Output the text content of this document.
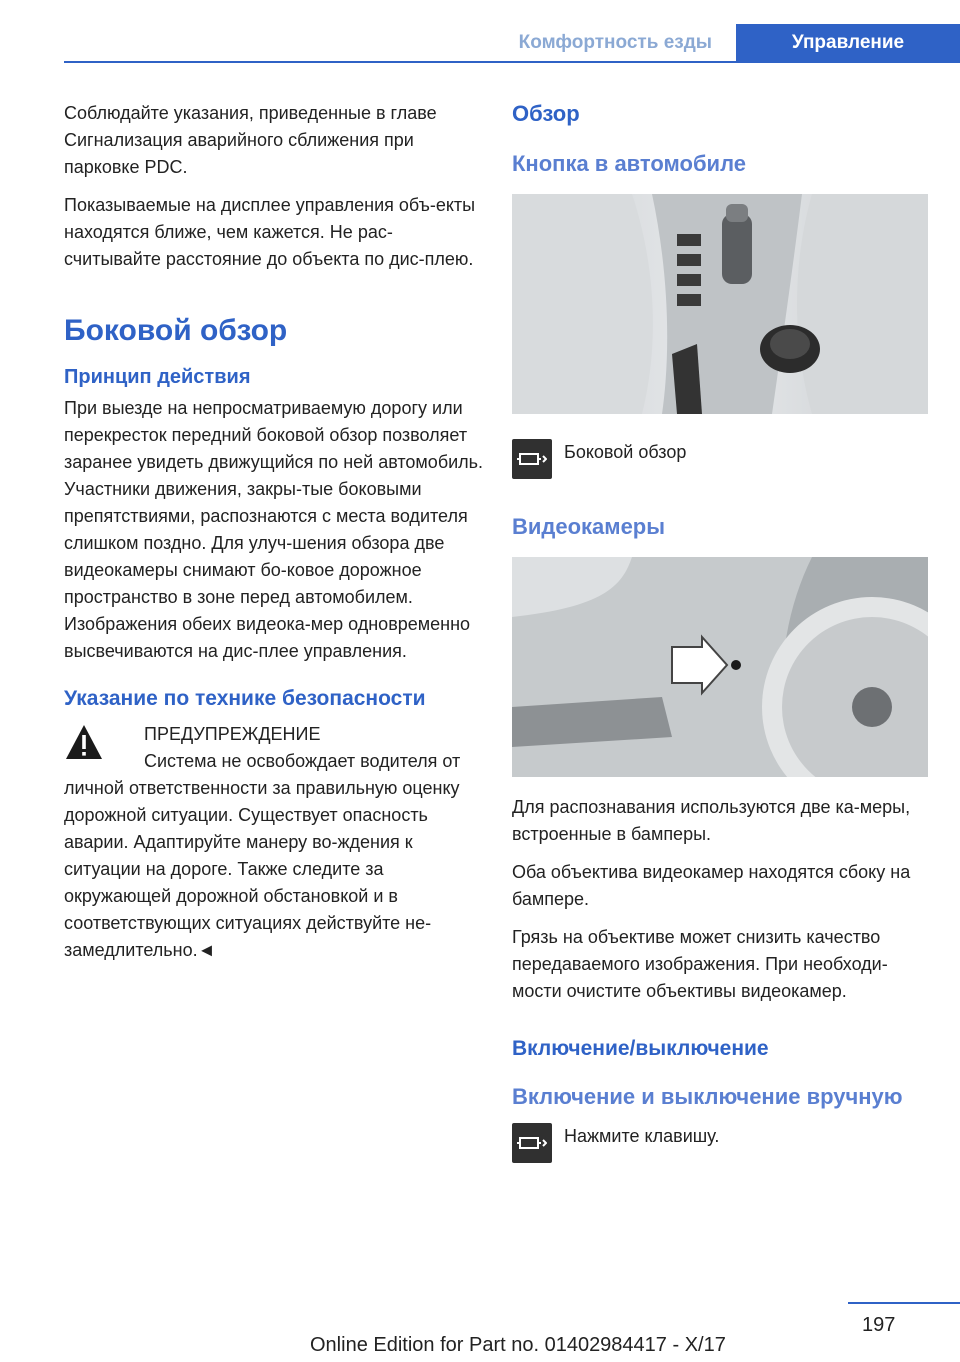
Комфортность езды	Управление

Соблюдайте указания, приведенные в главе Сигнализация аварийного сближения при парковке PDC.

Показываемые на дисплее управления объ‐екты находятся ближе, чем кажется. Не рас‐считывайте расстояние до объекта по дис‐плею.

Боковой обзор
Принцип действия

При выезде на непросматриваемую дорогу или перекресток передний боковой обзор позволяет заранее увидеть движущийся по ней автомобиль. Участники движения, закры‐тые боковыми препятствиями, распознаются с места водителя слишком поздно. Для улуч‐шения обзора две видеокамеры снимают бо‐ковое дорожное пространство в зоне перед автомобилем. Изображения обеих видеока‐мер одновременно высвечиваются на дис‐плее управления.

Указание по технике безопасности
ПРЕДУПРЕЖДЕНИЕ
Система не освобождает водителя от

личной ответственности за правильную оценку дорожной ситуации. Существует опасность аварии. Адаптируйте манеру во‐ждения к ситуации на дороге. Также следите за окружающей дорожной обстановкой и в соответствующих ситуациях действуйте не‐замедлительно.◄

Обзор
Кнопка в автомобиле
Боковой обзор
Видеокамеры

Для распознавания используются две ка‐меры, встроенные в бамперы.

Оба объектива видеокамер находятся сбоку на бампере.

Грязь на объективе может снизить качество передаваемого изображения. При необходи‐мости очистите объективы видеокамер.

Включение/выключение
Включение и выключение вручную
Нажмите клавишу.
197
Online Edition for Part no. 01402984417 - X/17
